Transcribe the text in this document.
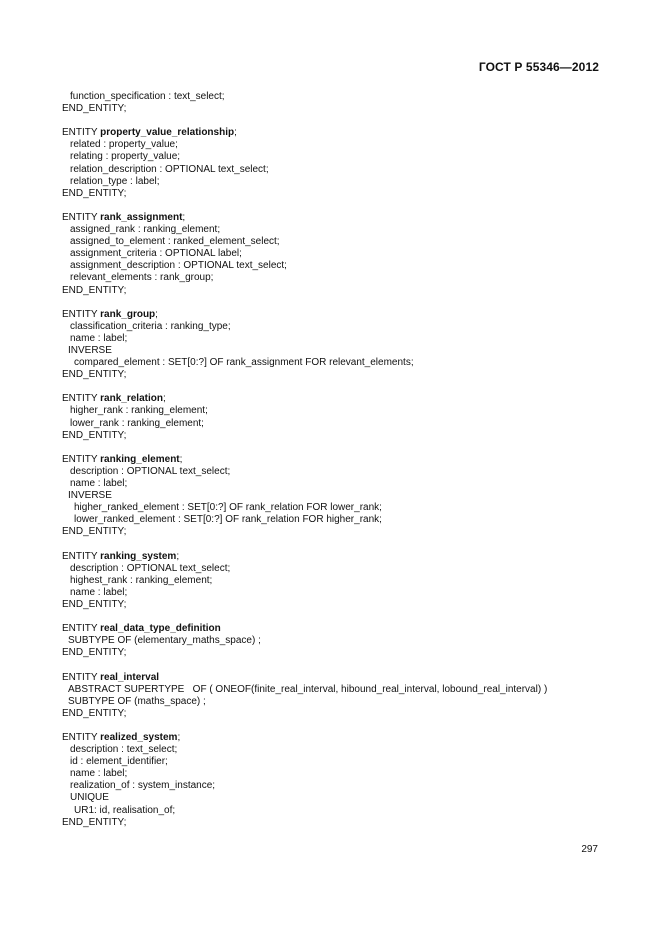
ГОСТ Р 55346—2012
function_specification : text_select;
END_ENTITY;
ENTITY property_value_relationship;
related : property_value;
relating : property_value;
relation_description : OPTIONAL text_select;
relation_type : label;
END_ENTITY;
ENTITY rank_assignment;
assigned_rank : ranking_element;
assigned_to_element : ranked_element_select;
assignment_criteria : OPTIONAL label;
assignment_description : OPTIONAL text_select;
relevant_elements : rank_group;
END_ENTITY;
ENTITY rank_group;
classification_criteria : ranking_type;
name : label;
INVERSE
compared_element : SET[0:?] OF rank_assignment FOR relevant_elements;
END_ENTITY;
ENTITY rank_relation;
higher_rank : ranking_element;
lower_rank : ranking_element;
END_ENTITY;
ENTITY ranking_element;
description : OPTIONAL text_select;
name : label;
INVERSE
higher_ranked_element : SET[0:?] OF rank_relation FOR lower_rank;
lower_ranked_element : SET[0:?] OF rank_relation FOR higher_rank;
END_ENTITY;
ENTITY ranking_system;
description : OPTIONAL text_select;
highest_rank : ranking_element;
name : label;
END_ENTITY;
ENTITY real_data_type_definition
SUBTYPE OF (elementary_maths_space) ;
END_ENTITY;
ENTITY real_interval
ABSTRACT SUPERTYPE   OF ( ONEOF(finite_real_interval, hibound_real_interval, lobound_real_interval) )
SUBTYPE OF (maths_space) ;
END_ENTITY;
ENTITY realized_system;
description : text_select;
id : element_identifier;
name : label;
realization_of : system_instance;
UNIQUE
UR1: id, realisation_of;
END_ENTITY;
297
